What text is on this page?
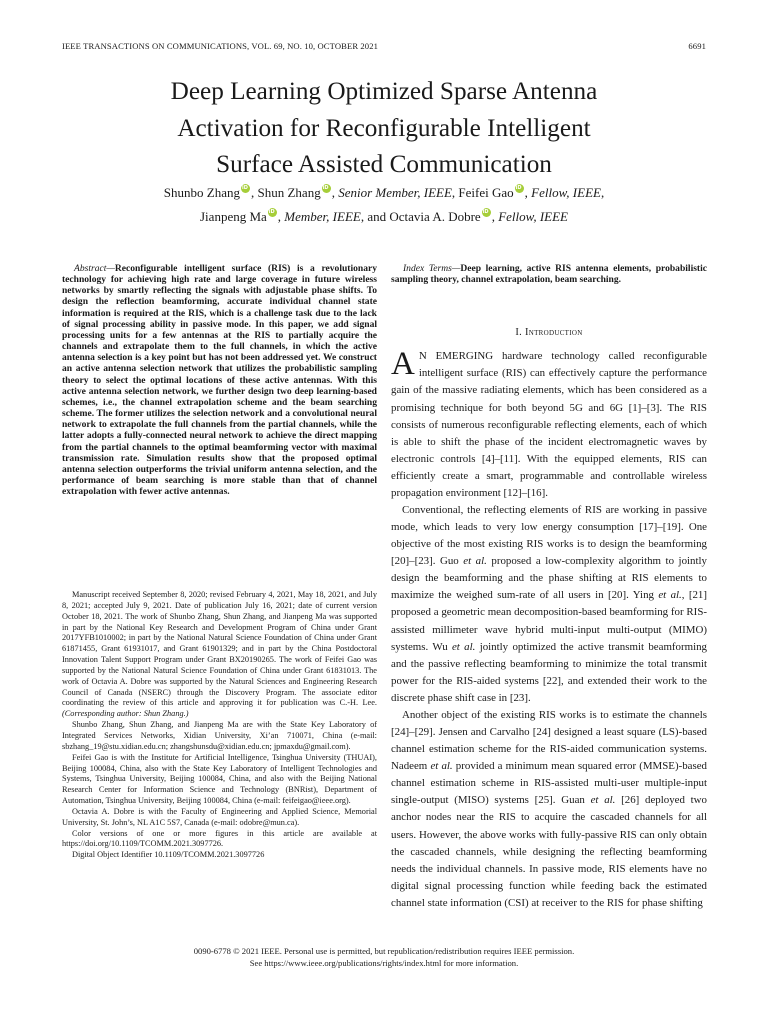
IEEE TRANSACTIONS ON COMMUNICATIONS, VOL. 69, NO. 10, OCTOBER 2021	6691
Deep Learning Optimized Sparse Antenna
Activation for Reconfigurable Intelligent
Surface Assisted Communication
Shunbo Zhang iD , Shun Zhang iD , Senior Member, IEEE, Feifei Gao iD , Fellow, IEEE,
Jianpeng Ma iD , Member, IEEE, and Octavia A. Dobre iD , Fellow, IEEE

Abstract—Reconfigurable intelligent surface (RIS) is a revolutionary technology for achieving high rate and large coverage in future wireless networks by smartly reflecting the signals with adjustable phase shifts. To design the reflection beamforming, accurate individual channel state information is required at the RIS, which is a challenge task due to the lack of signal processing ability in passive mode. In this paper, we add signal processing units for a few antennas at the RIS to partially acquire the channels and extrapolate them to the full channels, in which the active antenna selection is a key point but has not been addressed yet. We construct an active antenna selection network that utilizes the probabilistic sampling theory to select the optimal locations of these active antennas. With this active antenna selection network, we further design two deep learning-based schemes, i.e., the channel extrapolation scheme and the beam searching scheme. The former utilizes the selection network and a convolutional neural network to extrapolate the full channels from the partial channels, while the latter adopts a fully-connected neural network to achieve the direct mapping from the partial channels to the optimal beamforming vector with maximal transmission rate. Simulation results show that the proposed optimal antenna selection outperforms the trivial uniform antenna selection, and the performance of beam searching is more stable than that of channel extrapolation with fewer active antennas.

Manuscript received September 8, 2020; revised February 4, 2021, May 18, 2021, and July 8, 2021; accepted July 9, 2021. Date of publication July 16, 2021; date of current version October 18, 2021. The work of Shunbo Zhang, Shun Zhang, and Jianpeng Ma was supported in part by the National Key Research and Development Program of China under Grant 2017YFB1010002; in part by the National Natural Science Foundation of China under Grant 61871455, Grant 61931017, and Grant 61901329; and in part by the China Postdoctoral Innovation Talent Support Program under Grant BX20190265. The work of Feifei Gao was supported by the National Natural Science Foundation of China under Grant 61831013. The work of Octavia A. Dobre was supported by the Natural Sciences and Engineering Research Council of Canada (NSERC) through the Discovery Program. The associate editor coordinating the review of this article and approving it for publication was C.-H. Lee. (Corresponding author: Shun Zhang.)

Shunbo Zhang, Shun Zhang, and Jianpeng Ma are with the State Key Laboratory of Integrated Services Networks, Xidian University, Xi’an 710071, China (e-mail: sbzhang_19@stu.xidian.edu.cn; zhangshunsdu@xidian.edu.cn; jpmaxdu@gmail.com).

Feifei Gao is with the Institute for Artificial Intelligence, Tsinghua University (THUAI), Beijing 100084, China, also with the State Key Laboratory of Intelligent Technologies and Systems, Tsinghua University, Beijing 100084, China, and also with the Beijing National Research Center for Information Science and Technology (BNRist), Department of Automation, Tsinghua University, Beijing 100084, China (e-mail: feifeigao@ieee.org).

Octavia A. Dobre is with the Faculty of Engineering and Applied Science, Memorial University, St. John’s, NL A1C 5S7, Canada (e-mail: odobre@mun.ca).

Color versions of one or more figures in this article are available at https://doi.org/10.1109/TCOMM.2021.3097726.

Digital Object Identifier 10.1109/TCOMM.2021.3097726

Index Terms—Deep learning, active RIS antenna elements, probabilistic sampling theory, channel extrapolation, beam searching.

I. Introduction

A N EMERGING hardware technology called reconfigurable intelligent surface (RIS) can effectively capture the performance gain of the massive radiating elements, which has been considered as a promising technique for both beyond 5G and 6G [1]–[3]. The RIS consists of numerous reconfigurable reflecting elements, each of which is able to shift the phase of the incident electromagnetic waves by electronic controls [4]–[11]. With the equipped elements, RIS can efficiently create a smart, programmable and controllable wireless propagation environment [12]–[16].

Conventional, the reflecting elements of RIS are working in passive mode, which leads to very low energy consumption [17]–[19]. One objective of the most existing RIS works is to design the beamforming [20]–[23]. Guo et al. proposed a low-complexity algorithm to jointly design the beamforming and the phase shifting at RIS elements to maximize the weighed sum-rate of all users in [20]. Ying et al., [21] proposed a geometric mean decomposition-based beamforming for RIS-assisted millimeter wave hybrid multi-input multi-output (MIMO) systems. Wu et al. jointly optimized the active transmit beamforming and the passive reflecting beamforming to minimize the total transmit power for the RIS-aided systems [22], and extended their work to the discrete phase shift case in [23].

Another object of the existing RIS works is to estimate the channels [24]–[29]. Jensen and Carvalho [24] designed a least square (LS)-based channel estimation scheme for the RIS-aided communication systems. Nadeem et al. provided a minimum mean squared error (MMSE)-based channel estimation scheme in RIS-assisted multi-user multiple-input single-output (MISO) systems [25]. Guan et al. [26] deployed two anchor nodes near the RIS to acquire the cascaded channels for all users. However, the above works with fully-passive RIS can only obtain the cascaded channels, while designing the reflecting beamforming needs the individual channels. In passive mode, RIS elements have no digital signal processing function while feeding back the estimated channel state information (CSI) at receiver to the RIS for phase shifting

0090-6778 © 2021 IEEE. Personal use is permitted, but republication/redistribution requires IEEE permission.
See https://www.ieee.org/publications/rights/index.html for more information.
